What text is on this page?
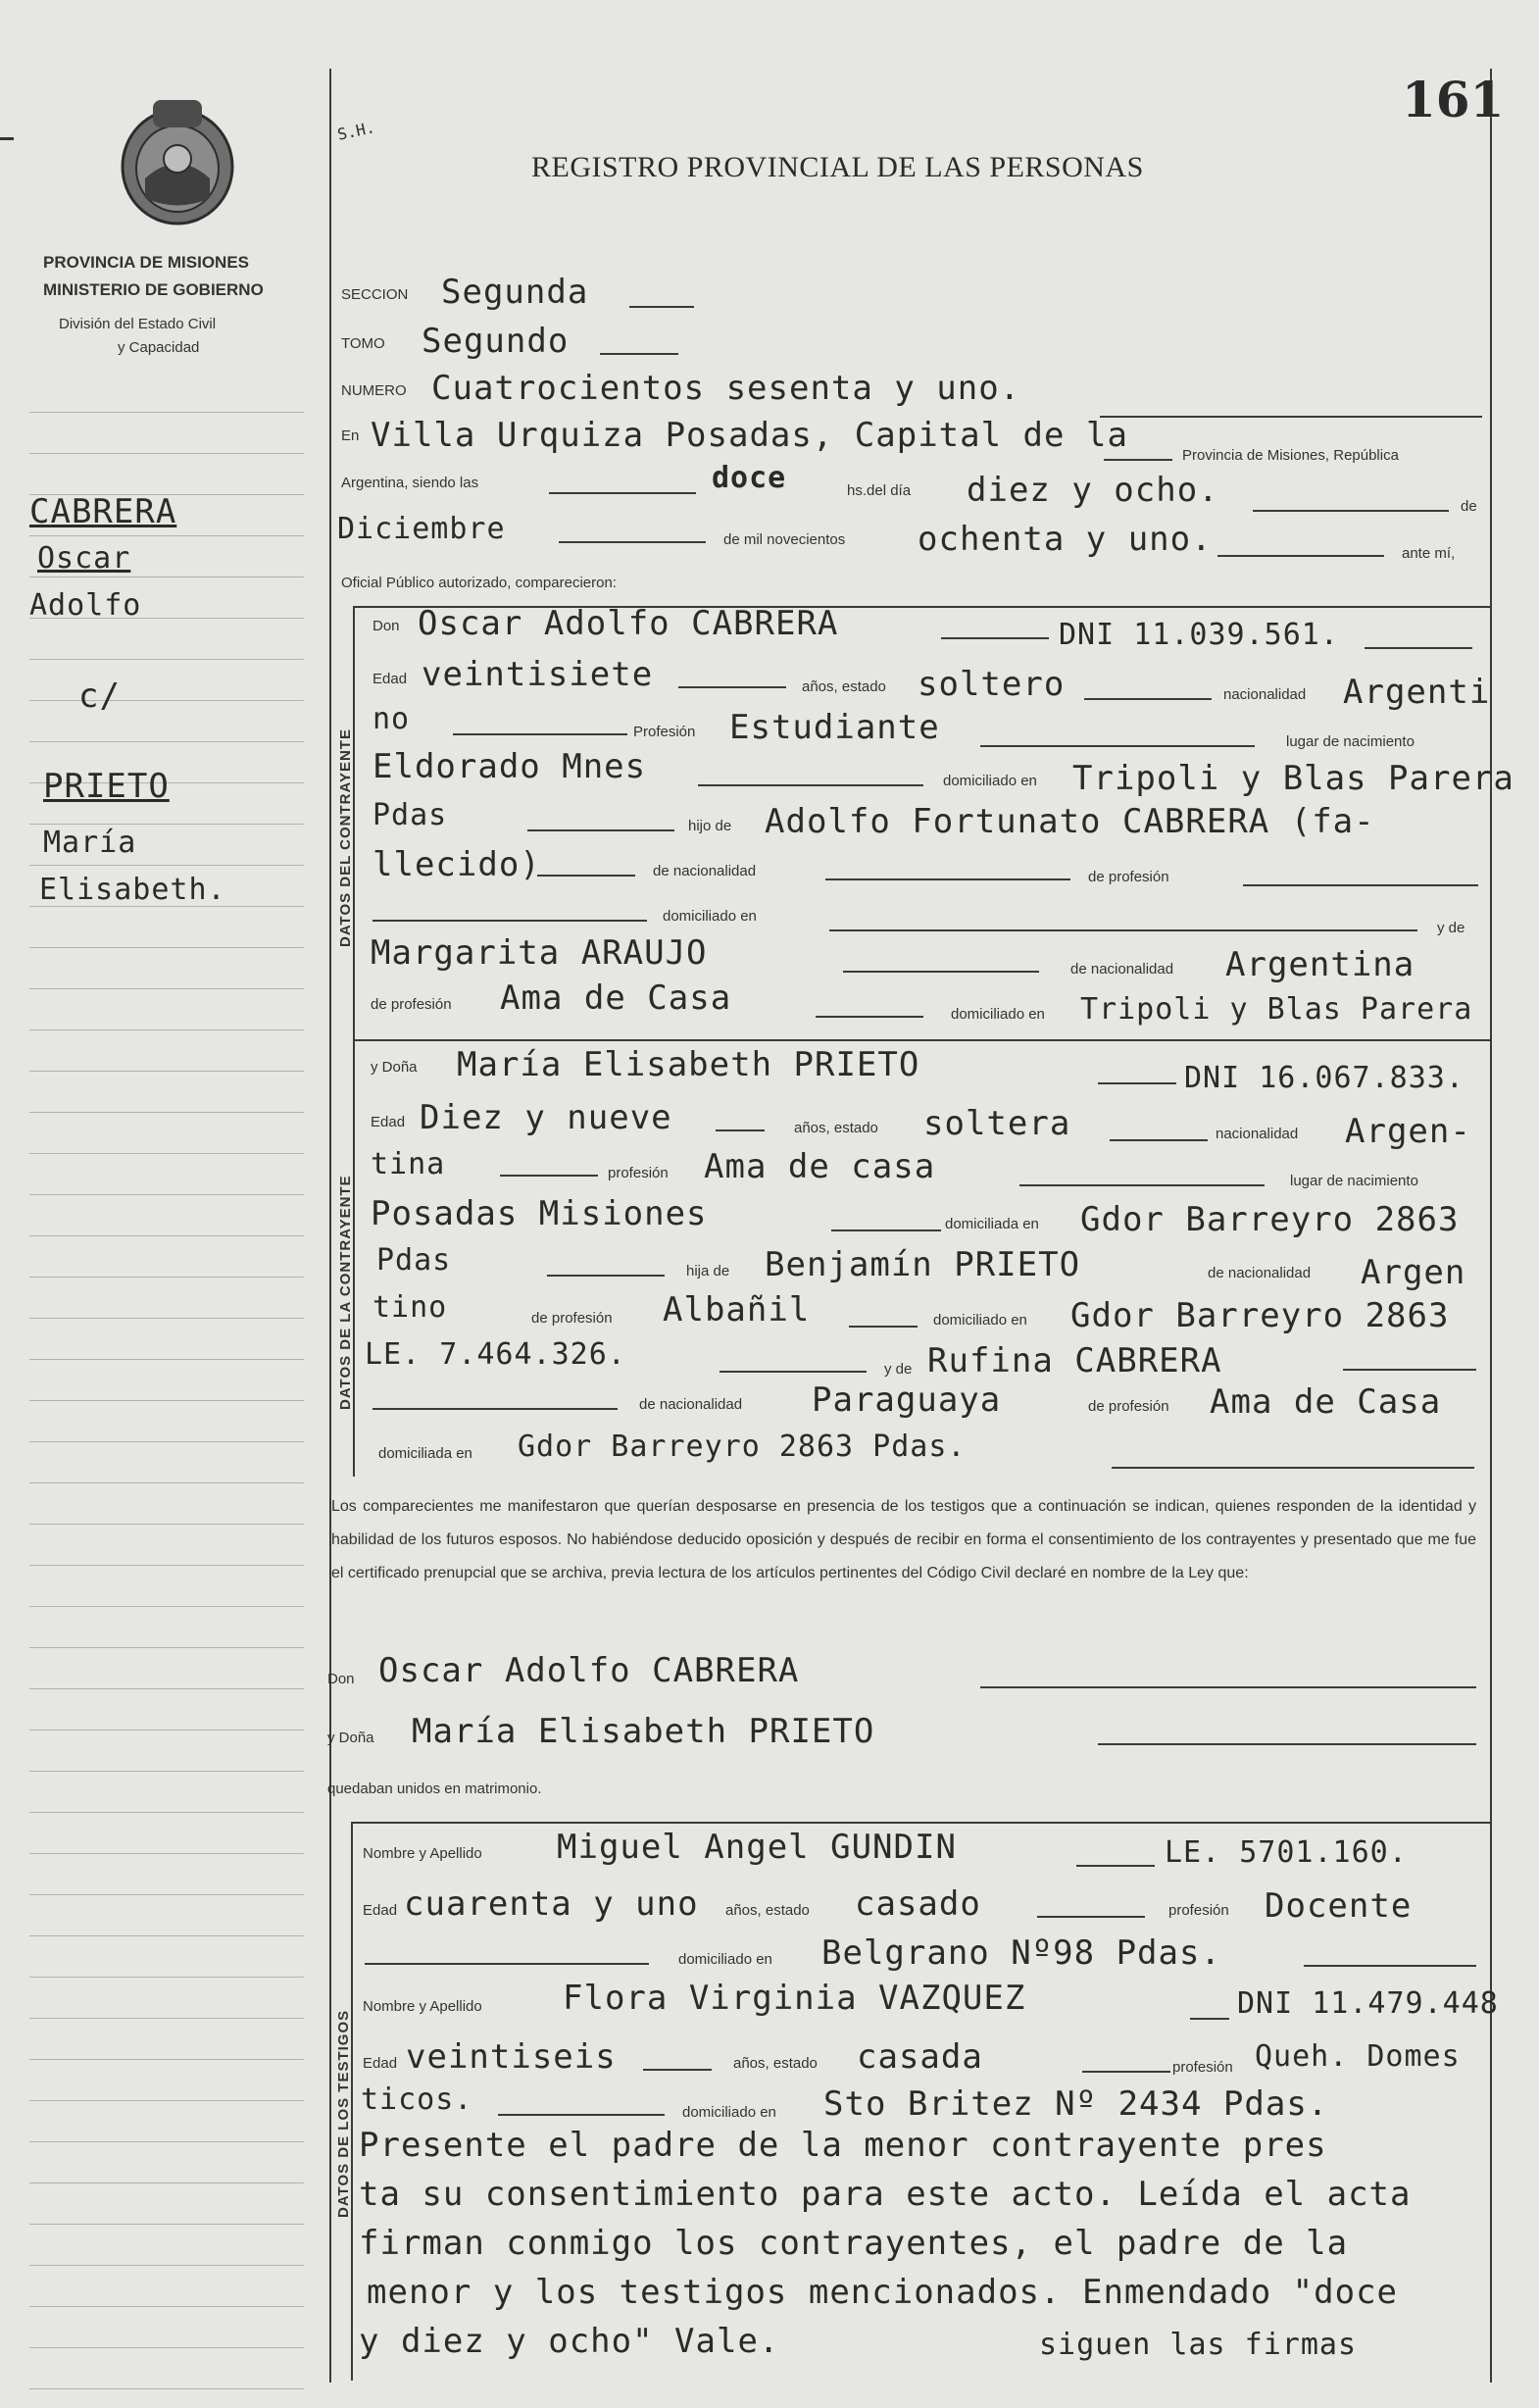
PROVINCIA DE MISIONES
MINISTERIO DE GOBIERNO
División del Estado Civil
y Capacidad
S.H.
REGISTRO PROVINCIAL DE LAS PERSONAS
161
CABRERA
Oscar
Adolfo
c/
PRIETO
María
Elisabeth.
SECCION Segunda
TOMO Segundo
NUMERO Cuatrocientos sesenta y uno.
En Villa Urquiza Posadas, Capital de la
Provincia de Misiones, República
Argentina, siendo las	doce	hs.del día diez y ocho.	de
Diciembre	de mil novecientos ochenta y uno.	ante mí,
Oficial Público autorizado, comparecieron:
DATOS DEL CONTRAYENTE
Don Oscar Adolfo CABRERA	DNI 11.039.561.
Edad veintisiete	años, estado soltero	nacionalidad Argenti
no	Profesión Estudiante	lugar de nacimiento
Eldorado Mnes	domiciliado en Tripoli y Blas Parera
Pdas	hijo de Adolfo Fortunato CABRERA (fa-
llecido)	de nacionalidad	de profesión
domiciliado en
y de
Margarita ARAUJO	de nacionalidad Argentina
de profesión Ama de Casa	domiciliado en Tripoli y Blas Parera
DATOS DE LA CONTRAYENTE
y Doña María Elisabeth PRIETO	DNI 16.067.833.
Edad Diez y nueve	años, estado soltera	nacionalidad Argen-
tina	profesión Ama de casa	lugar de nacimiento
Posadas Misiones	domiciliada en Gdor Barreyro 2863
Pdas	hija de Benjamín PRIETO	de nacionalidad Argen
tino	de profesión Albañil	domiciliado en Gdor Barreyro 2863
LE. 7.464.326.	y de Rufina CABRERA
de nacionalidad Paraguaya	de profesión Ama de Casa
domiciliada en Gdor Barreyro 2863 Pdas.
Los comparecientes me manifestaron que querían desposarse en presencia de los testigos que a continuación se indican, quienes responden de la identidad y habilidad de los futuros esposos. No habiéndose deducido oposición y después de recibir en forma el consentimiento de los contrayentes y presentado que me fue el certificado prenupcial que se archiva, previa lectura de los artículos pertinentes del Código Civil declaré en nombre de la Ley que:
Don Oscar Adolfo CABRERA
y Doña María Elisabeth PRIETO
quedaban unidos en matrimonio.
DATOS DE LOS TESTIGOS
Nombre y Apellido Miguel Angel GUNDIN	LE. 5701.160.
Edad cuarenta y uno años, estado casado	profesión Docente
domiciliado en Belgrano Nº98 Pdas.
Nombre y Apellido Flora Virginia VAZQUEZ	DNI 11.479.448
Edad veintiseis	años, estado casada	profesión Queh. Domes
ticos.	domiciliado en Sto Britez Nº 2434 Pdas.
Presente el padre de la menor contrayente pres
ta su consentimiento para este acto. Leída el acta
firman conmigo los contrayentes, el padre de la
menor y los testigos mencionados. Enmendado "doce
y diez y ocho" Vale.	siguen las firmas
